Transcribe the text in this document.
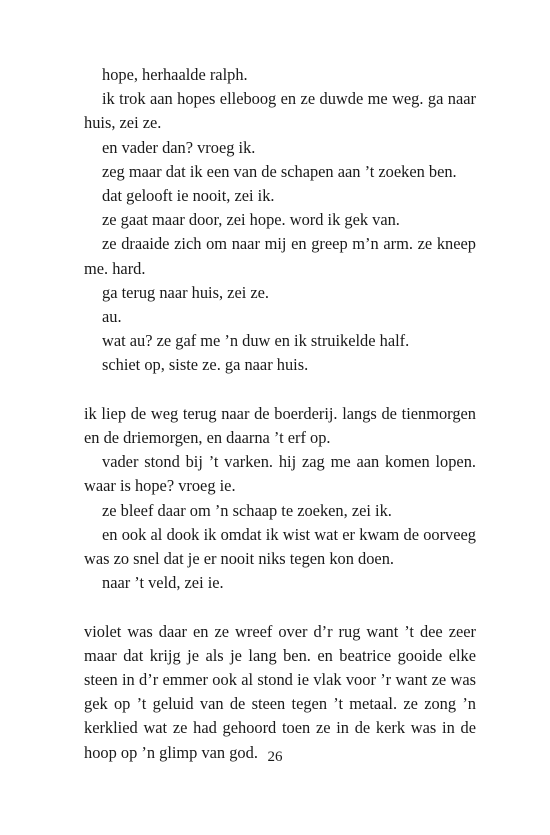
hope, herhaalde ralph.

ik trok aan hopes elleboog en ze duwde me weg. ga naar huis, zei ze.

en vader dan? vroeg ik.

zeg maar dat ik een van de schapen aan ’t zoeken ben.

dat gelooft ie nooit, zei ik.

ze gaat maar door, zei hope. word ik gek van.

ze draaide zich om naar mij en greep m’n arm. ze kneep me. hard.

ga terug naar huis, zei ze.

au.

wat au? ze gaf me ’n duw en ik struikelde half.

schiet op, siste ze. ga naar huis.

ik liep de weg terug naar de boerderij. langs de tienmorgen en de driemorgen, en daarna ’t erf op.

vader stond bij ’t varken. hij zag me aan komen lopen. waar is hope? vroeg ie.

ze bleef daar om ’n schaap te zoeken, zei ik.

en ook al dook ik omdat ik wist wat er kwam de oorveeg was zo snel dat je er nooit niks tegen kon doen.

naar ’t veld, zei ie.

violet was daar en ze wreef over d’r rug want ’t dee zeer maar dat krijg je als je lang ben. en beatrice gooide elke steen in d’r emmer ook al stond ie vlak voor ’r want ze was gek op ’t geluid van de steen tegen ’t metaal. ze zong ’n kerklied wat ze had gehoord toen ze in de kerk was in de hoop op ’n glimp van god. 26
